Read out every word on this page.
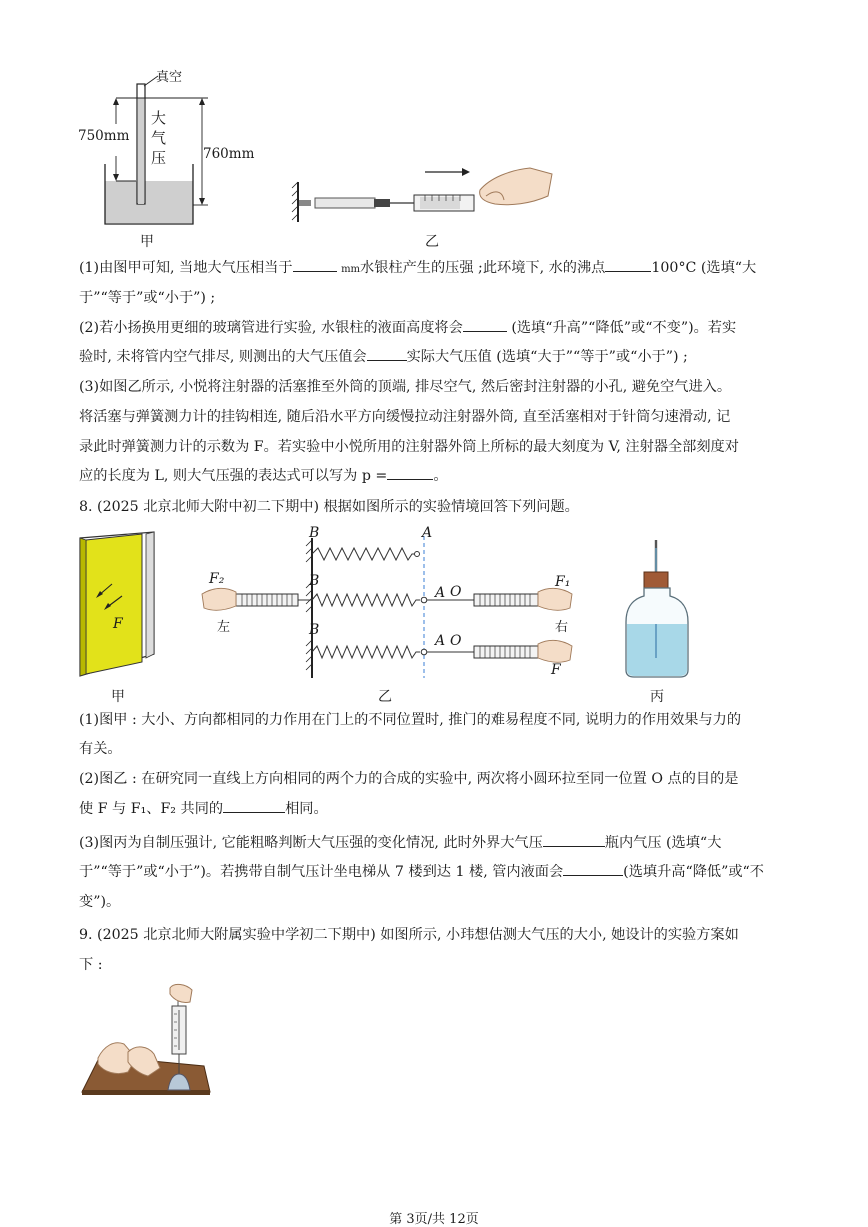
真空
大
气
压
750mm
760mm
甲	乙
(1)由图甲可知, 当地大气压相当于	mm水银柱产生的压强 ;此环境下, 水的沸点	100°C (选填“大
于”“等于”或“小于”) ;
(2)若小扬换用更细的玻璃管进行实验, 水银柱的液面高度将会	(选填“升高”“降低”或“不变”)。若实
验时, 未将管内空气排尽, 则测出的大气压值会	实际大气压值 (选填“大于”“等于”或“小于”) ;
(3)如图乙所示, 小悦将注射器的活塞推至外筒的顶端, 排尽空气, 然后密封注射器的小孔, 避免空气进入。
将活塞与弹簧测力计的挂钩相连, 随后沿水平方向缓慢拉动注射器外筒, 直至活塞相对于针筒匀速滑动, 记
录此时弹簧测力计的示数为 F。若实验中小悦所用的注射器外筒上所标的最大刻度为 V, 注射器全部刻度对
应的长度为 L, 则大气压强的表达式可以写为 p =	。
8. (2025 北京北师大附中初二下期中) 根据如图所示的实验情境回答下列问题。
F
甲
B	A
F₂	B
A O
F₁
左	右
B
A O
F
乙	丙
(1)图甲 : 大小、方向都相同的力作用在门上的不同位置时, 推门的难易程度不同, 说明力的作用效果与力的
有关。
(2)图乙 : 在研究同一直线上方向相同的两个力的合成的实验中, 两次将小圆环拉至同一位置 O 点的目的是
使 F 与 F₁、F₂ 共同的	相同。
(3)图丙为自制压强计, 它能粗略判断大气压强的变化情况, 此时外界大气压	瓶内气压 (选填“大
于”“等于”或“小于”)。若携带自制气压计坐电梯从 7 楼到达 1 楼, 管内液面会	(选填升高“降低”或“不
变”)。
9. (2025 北京北师大附属实验中学初二下期中) 如图所示, 小玮想估测大气压的大小, 她设计的实验方案如
下 :
第 3页/共 12页
